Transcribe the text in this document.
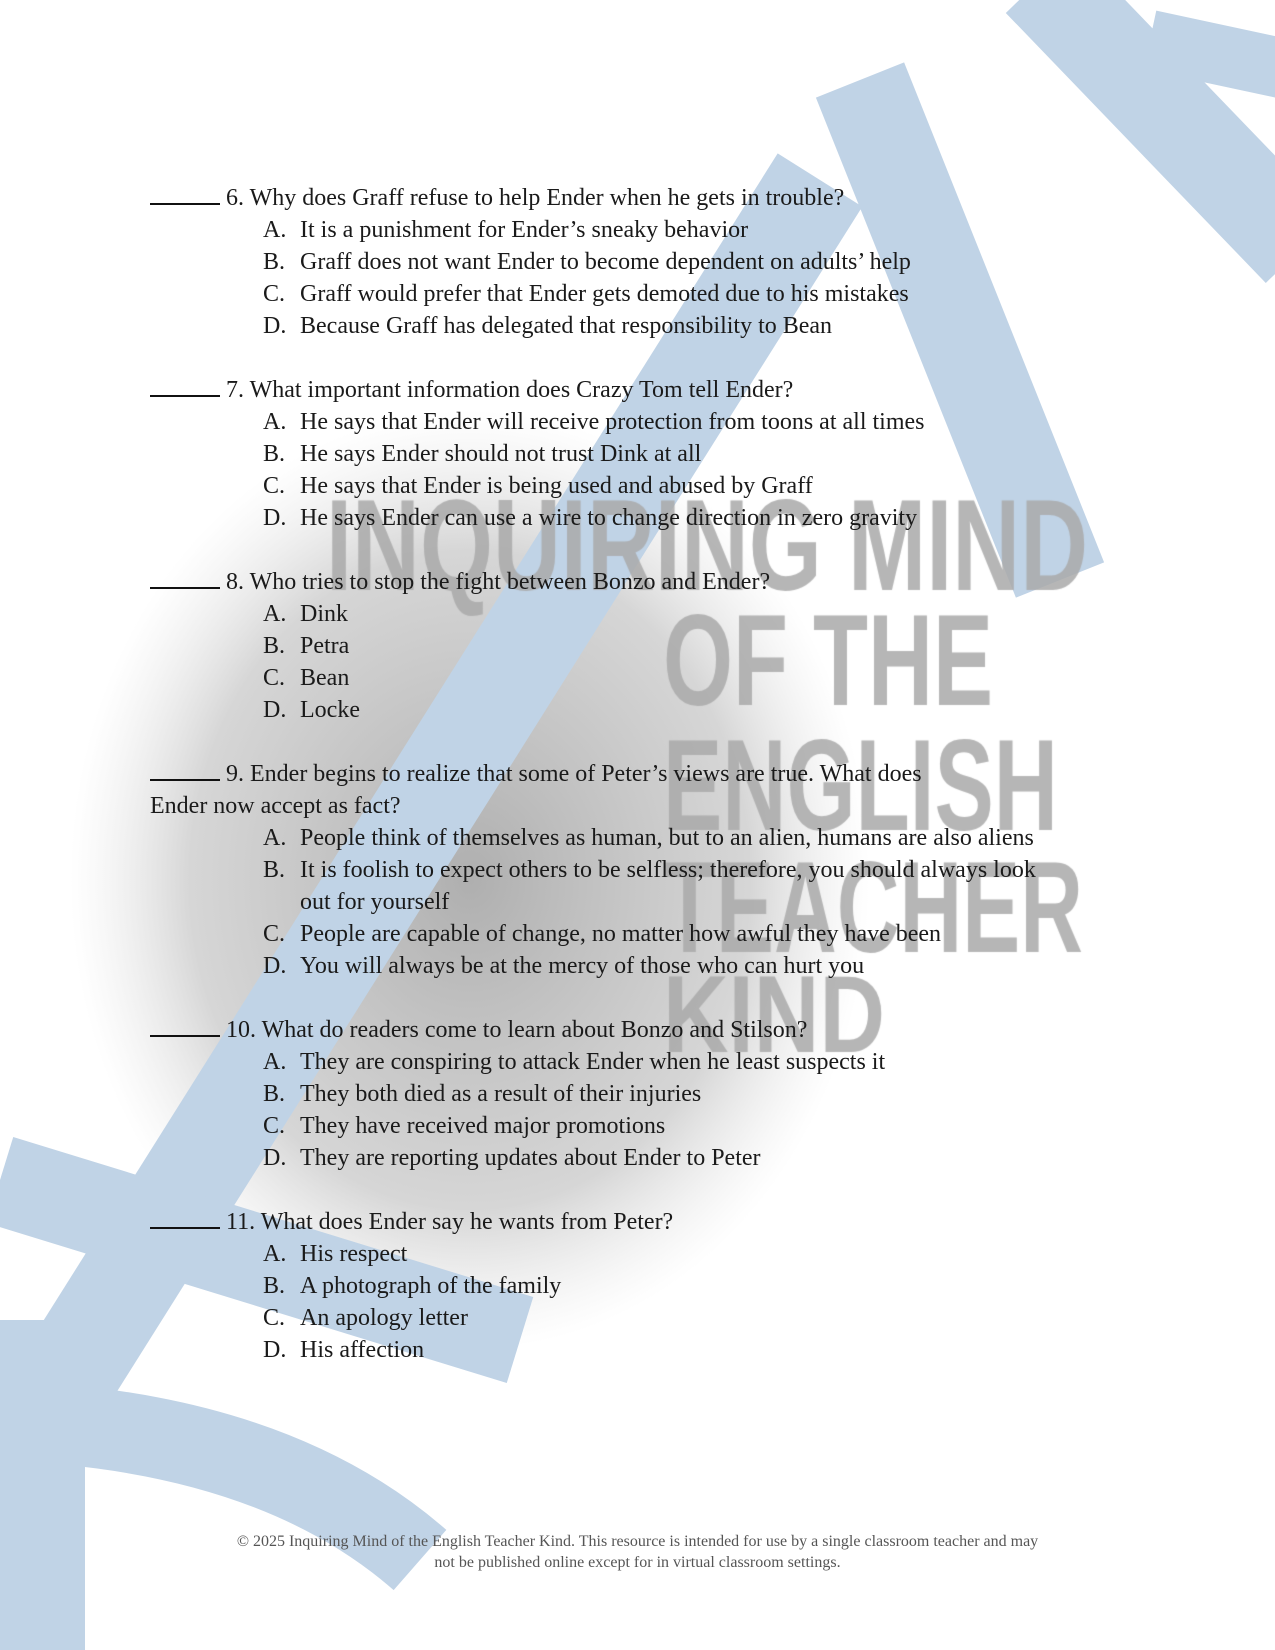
6. Why does Graff refuse to help Ender when he gets in trouble?
A. It is a punishment for Ender’s sneaky behavior
B. Graff does not want Ender to become dependent on adults’ help
C. Graff would prefer that Ender gets demoted due to his mistakes
D. Because Graff has delegated that responsibility to Bean
7. What important information does Crazy Tom tell Ender?
A. He says that Ender will receive protection from toons at all times
B. He says Ender should not trust Dink at all
C. He says that Ender is being used and abused by Graff
D. He says Ender can use a wire to change direction in zero gravity
8. Who tries to stop the fight between Bonzo and Ender?
A. Dink
B. Petra
C. Bean
D. Locke
9. Ender begins to realize that some of Peter’s views are true. What does
Ender now accept as fact?
A. People think of themselves as human, but to an alien, humans are also aliens
B. It is foolish to expect others to be selfless; therefore, you should always look out for yourself
C. People are capable of change, no matter how awful they have been
D. You will always be at the mercy of those who can hurt you
10. What do readers come to learn about Bonzo and Stilson?
A. They are conspiring to attack Ender when he least suspects it
B. They both died as a result of their injuries
C. They have received major promotions
D. They are reporting updates about Ender to Peter
11. What does Ender say he wants from Peter?
A. His respect
B. A photograph of the family
C. An apology letter
D. His affection
© 2025 Inquiring Mind of the English Teacher Kind. This resource is intended for use by a single classroom teacher and may
not be published online except for in virtual classroom settings.
